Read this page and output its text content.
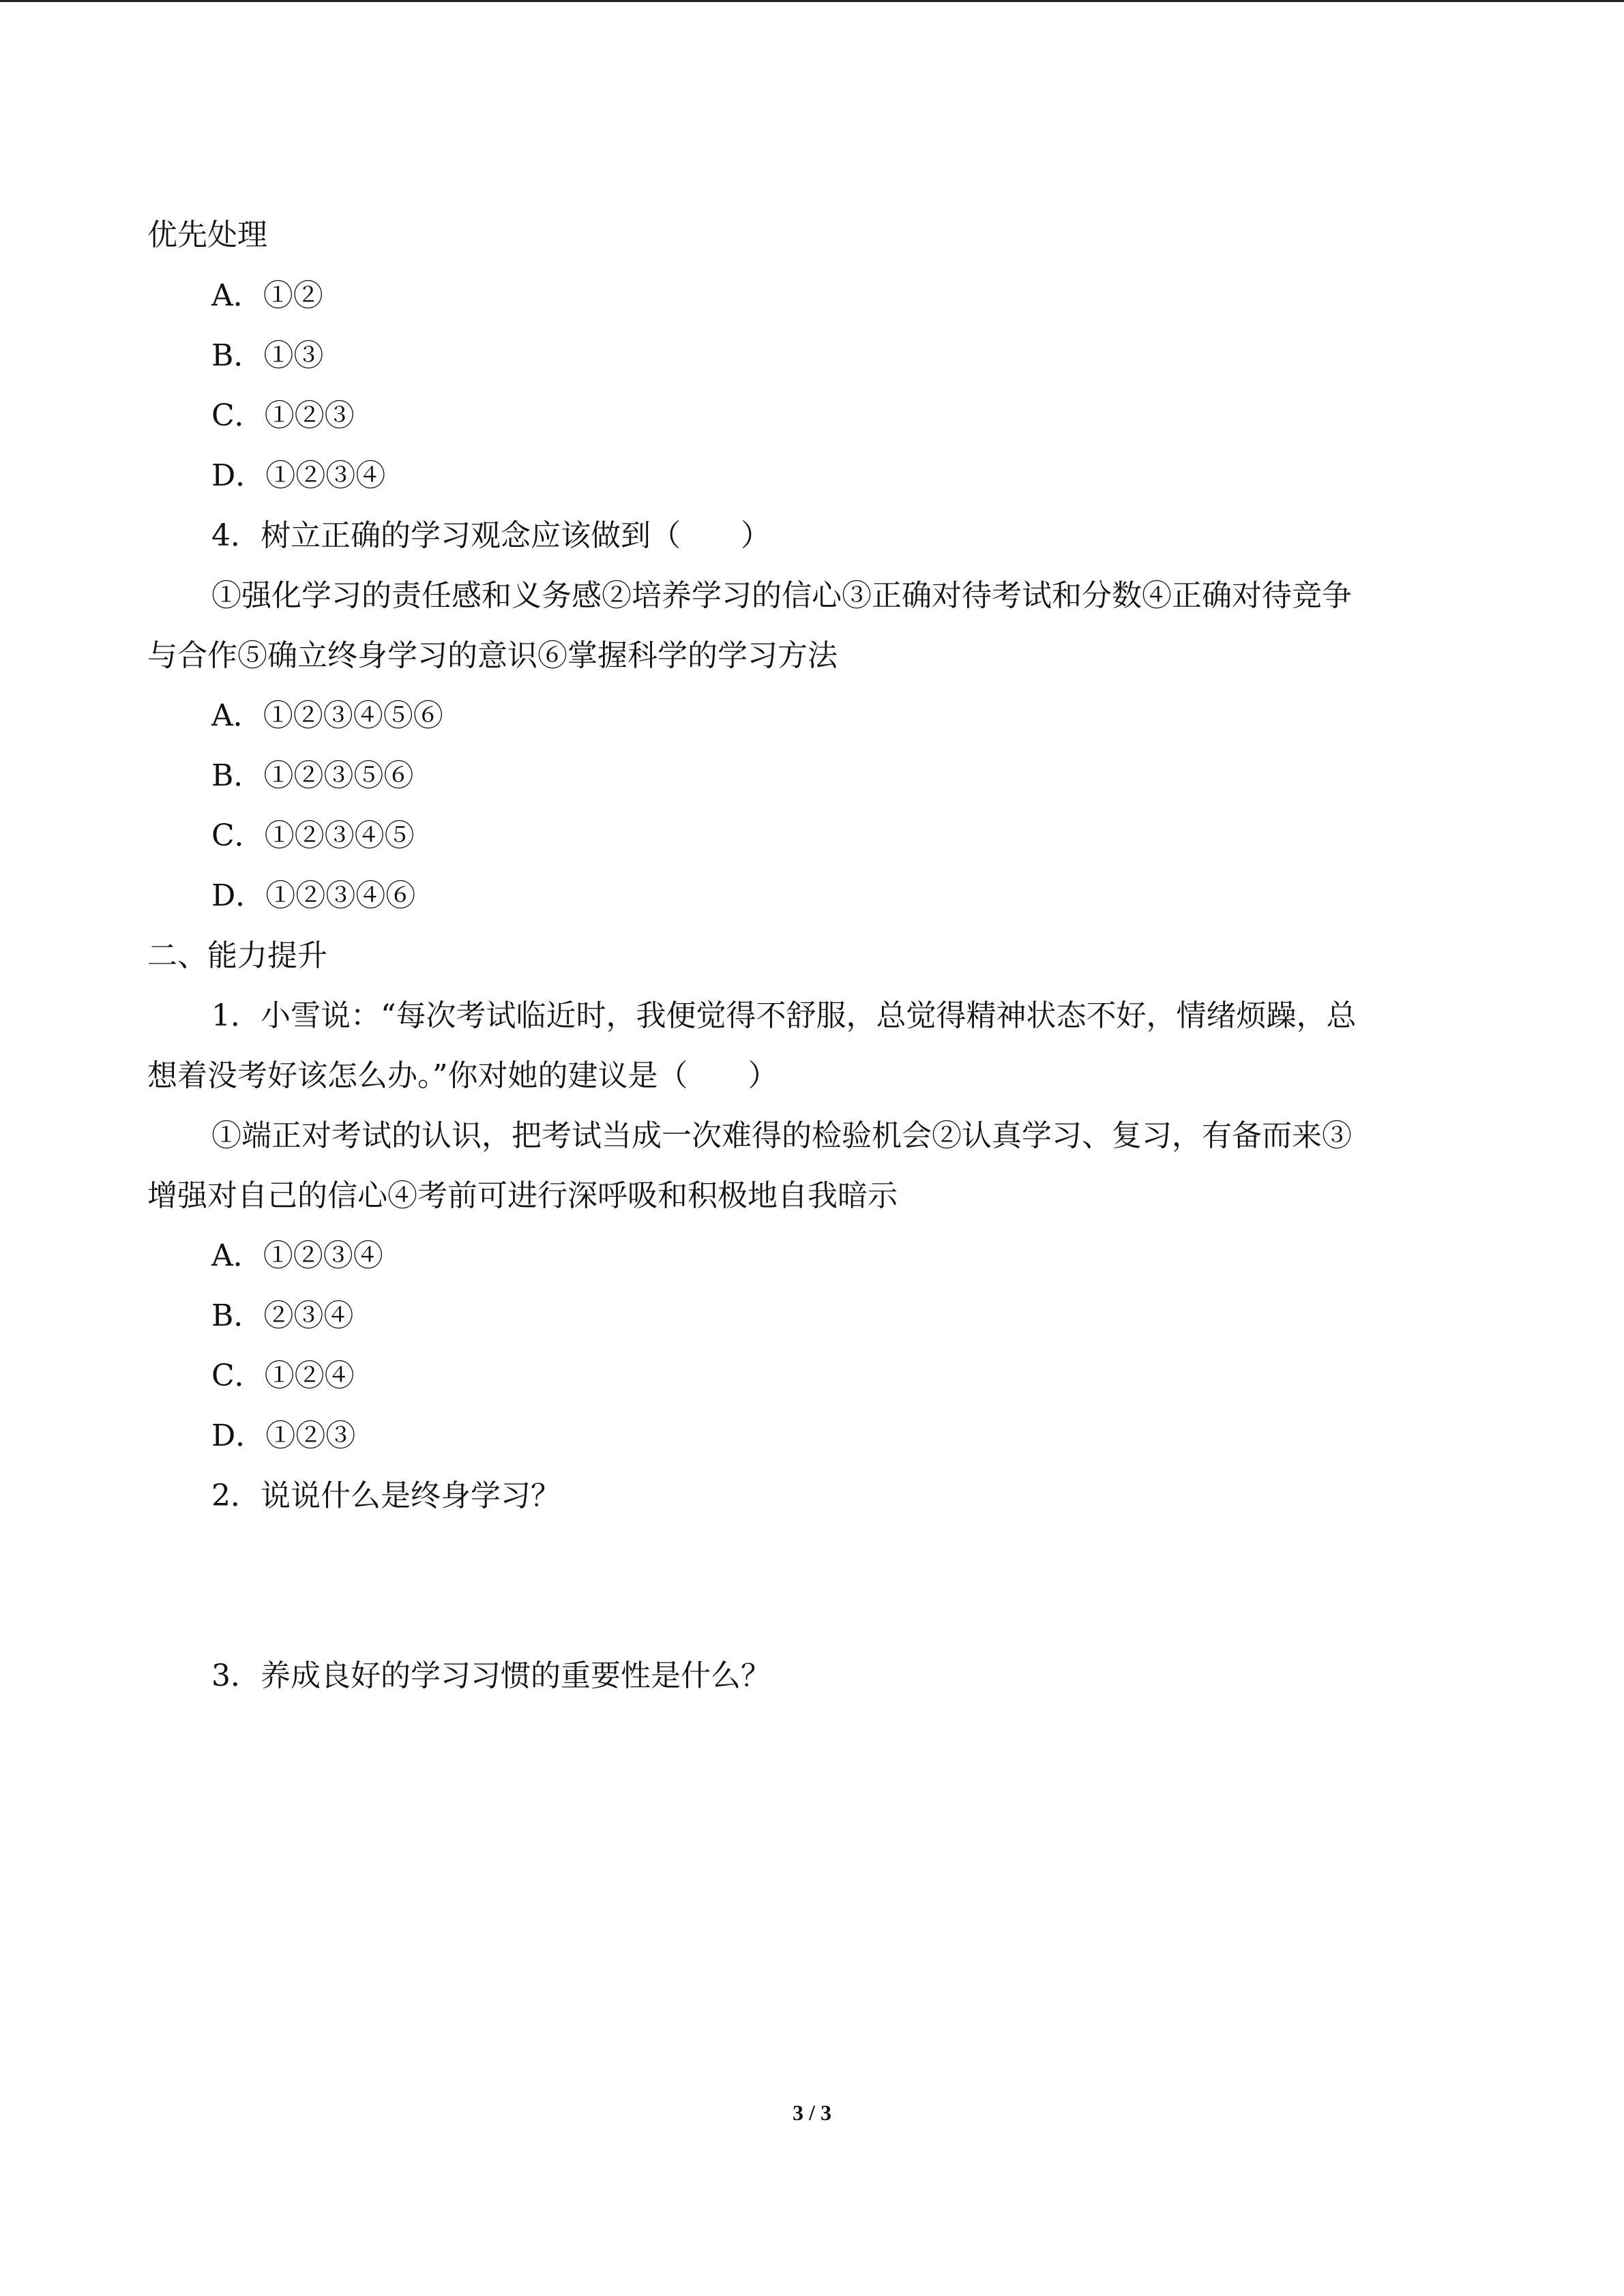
优先处理
A．①②
B．①③
C．①②③
D．①②③④
4．树立正确的学习观念应该做到（　　）
①强化学习的责任感和义务感②培养学习的信心③正确对待考试和分数④正确对待竞争
与合作⑤确立终身学习的意识⑥掌握科学的学习方法
A．①②③④⑤⑥
B．①②③⑤⑥
C．①②③④⑤
D．①②③④⑥
二、能力提升
1．小雪说：“每次考试临近时，我便觉得不舒服，总觉得精神状态不好，情绪烦躁，总
想着没考好该怎么办。”你对她的建议是（　　）
①端正对考试的认识，把考试当成一次难得的检验机会②认真学习、复习，有备而来③
增强对自己的信心④考前可进行深呼吸和积极地自我暗示
A．①②③④
B．②③④
C．①②④
D．①②③
2．说说什么是终身学习？
3．养成良好的学习习惯的重要性是什么？
3 / 3
